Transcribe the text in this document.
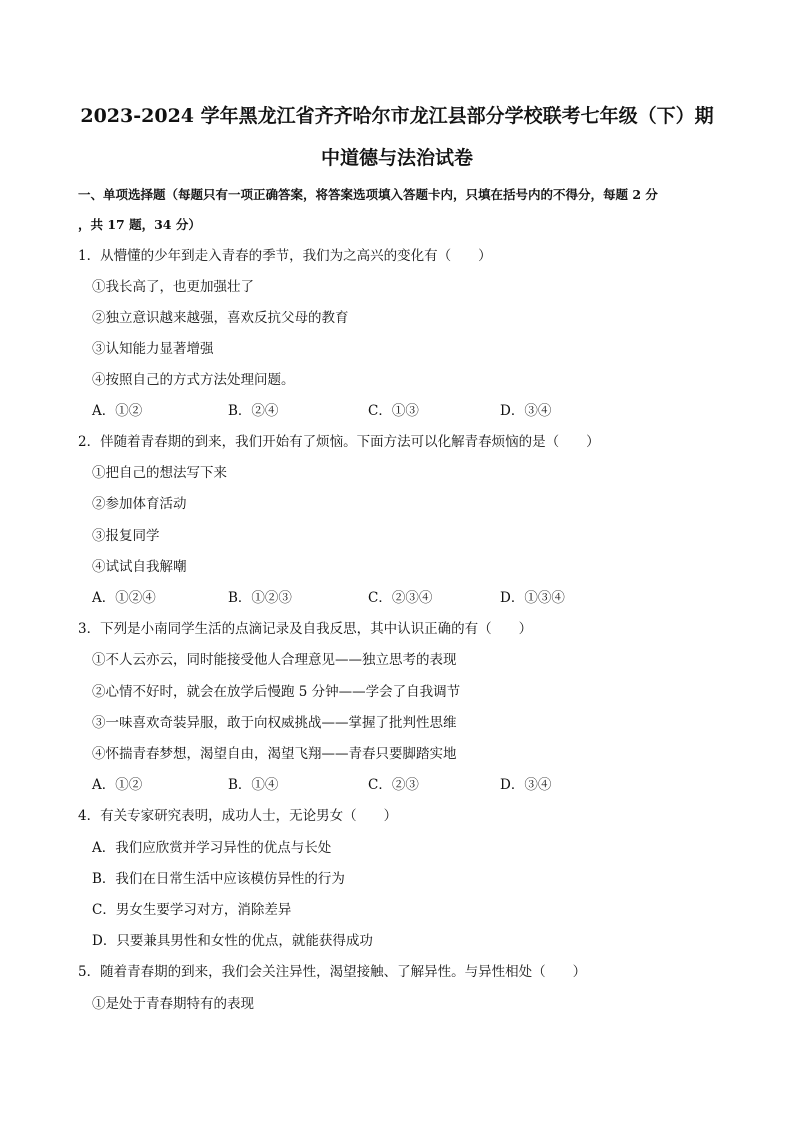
2023-2024 学年黑龙江省齐齐哈尔市龙江县部分学校联考七年级（下）期
中道德与法治试卷
一、单项选择题（每题只有一项正确答案，将答案选项填入答题卡内，只填在括号内的不得分，每题 2 分
，共 17 题，34 分）
1．从懵懂的少年到走入青春的季节，我们为之高兴的变化有（　　）
①我长高了，也更加强壮了
②独立意识越来越强，喜欢反抗父母的教育
③认知能力显著增强
④按照自己的方式方法处理问题。
A．①②	B．②④	C．①③	D．③④
2．伴随着青春期的到来，我们开始有了烦恼。下面方法可以化解青春烦恼的是（　　）
①把自己的想法写下来
②参加体育活动
③报复同学
④试试自我解嘲
A．①②④	B．①②③	C．②③④	D．①③④
3．下列是小南同学生活的点滴记录及自我反思，其中认识正确的有（　　）
①不人云亦云，同时能接受他人合理意见——独立思考的表现
②心情不好时，就会在放学后慢跑 5 分钟——学会了自我调节
③一味喜欢奇装异服，敢于向权威挑战——掌握了批判性思维
④怀揣青春梦想，渴望自由，渴望飞翔——青春只要脚踏实地
A．①②	B．①④	C．②③	D．③④
4．有关专家研究表明，成功人士，无论男女（　　）
A．我们应欣赏并学习异性的优点与长处
B．我们在日常生活中应该模仿异性的行为
C．男女生要学习对方，消除差异
D．只要兼具男性和女性的优点，就能获得成功
5．随着青春期的到来，我们会关注异性，渴望接触、了解异性。与异性相处（　　）
①是处于青春期特有的表现
